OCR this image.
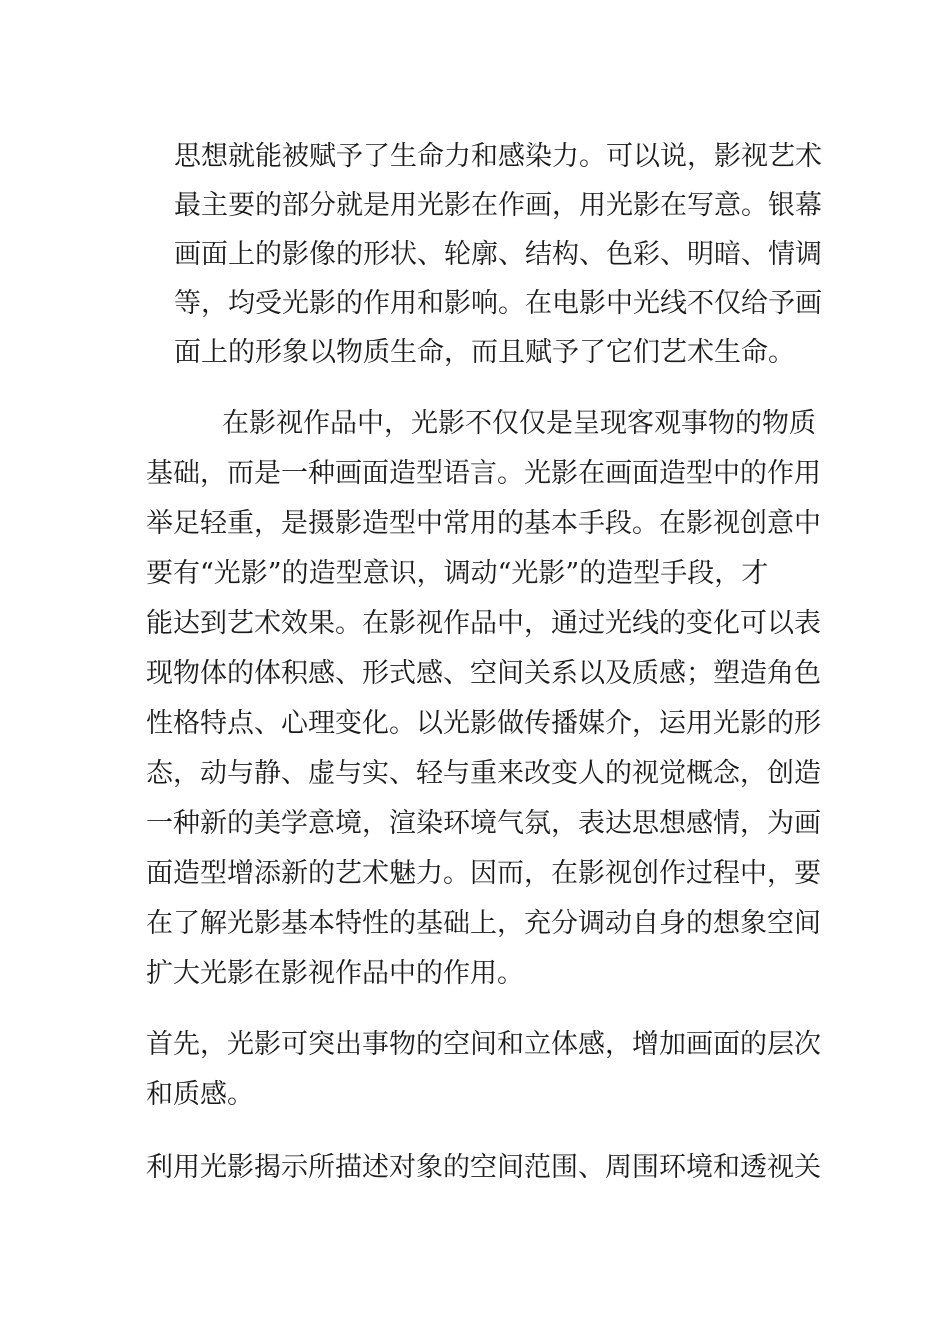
思想就能被赋予了生命力和感染力。可以说，影视艺术
最主要的部分就是用光影在作画，用光影在写意。银幕
画面上的影像的形状、轮廓、结构、色彩、明暗、情调
等，均受光影的作用和影响。在电影中光线不仅给予画
面上的形象以物质生命，而且赋予了它们艺术生命。
在影视作品中，光影不仅仅是呈现客观事物的物质
基础，而是一种画面造型语言。光影在画面造型中的作用
举足轻重，是摄影造型中常用的基本手段。在影视创意中
要有“光影”的造型意识，调动“光影”的造型手段，才
能达到艺术效果。在影视作品中，通过光线的变化可以表
现物体的体积感、形式感、空间关系以及质感；塑造角色
性格特点、心理变化。以光影做传播媒介，运用光影的形
态，动与静、虚与实、轻与重来改变人的视觉概念，创造
一种新的美学意境，渲染环境气氛，表达思想感情，为画
面造型增添新的艺术魅力。因而，在影视创作过程中，要
在了解光影基本特性的基础上，充分调动自身的想象空间
扩大光影在影视作品中的作用。
首先，光影可突出事物的空间和立体感，增加画面的层次
和质感。
利用光影揭示所描述对象的空间范围、周围环境和透视关
